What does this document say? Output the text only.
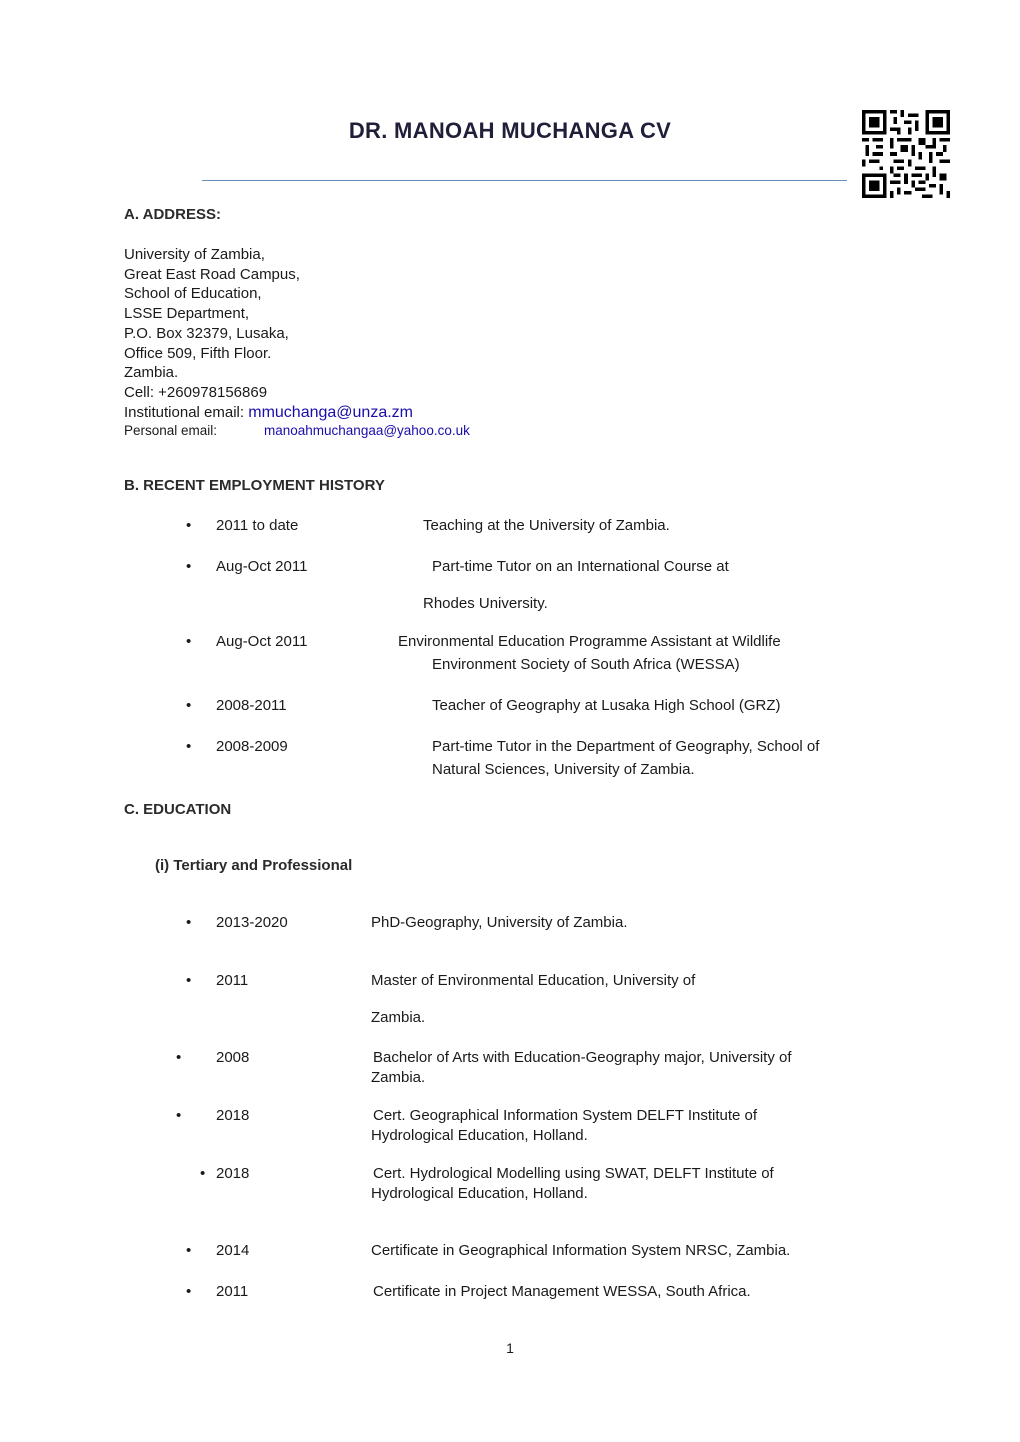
DR. MANOAH MUCHANGA CV
A. ADDRESS:
University of Zambia,
Great East Road Campus,
School of Education,
LSSE Department,
P.O. Box 32379, Lusaka,
Office 509, Fifth Floor.
Zambia.
Cell: +260978156869
Institutional email: mmuchanga@unza.zm
Personal email:	manoahmuchangaa@yahoo.co.uk
B. RECENT EMPLOYMENT HISTORY
• 2011 to date	Teaching at the University of Zambia.
• Aug-Oct 2011	Part-time Tutor on an International Course at
Rhodes University.
• Aug-Oct 2011	Environmental Education Programme Assistant at Wildlife
Environment Society of South Africa (WESSA)
• 2008-2011	Teacher of Geography at Lusaka High School (GRZ)
• 2008-2009	Part-time Tutor in the Department of Geography, School of
Natural Sciences, University of Zambia.
C. EDUCATION
(i) Tertiary and Professional
• 2013-2020	PhD-Geography, University of Zambia.
• 2011	Master of Environmental Education, University of
Zambia.
• 2008	Bachelor of Arts with Education-Geography major, University of
Zambia.
• 2018	Cert. Geographical Information System DELFT Institute of
Hydrological Education, Holland.
• 2018	Cert. Hydrological Modelling using SWAT, DELFT Institute of
Hydrological Education, Holland.
• 2014	Certificate in Geographical Information System NRSC, Zambia.
• 2011	Certificate in Project Management WESSA, South Africa.
1
